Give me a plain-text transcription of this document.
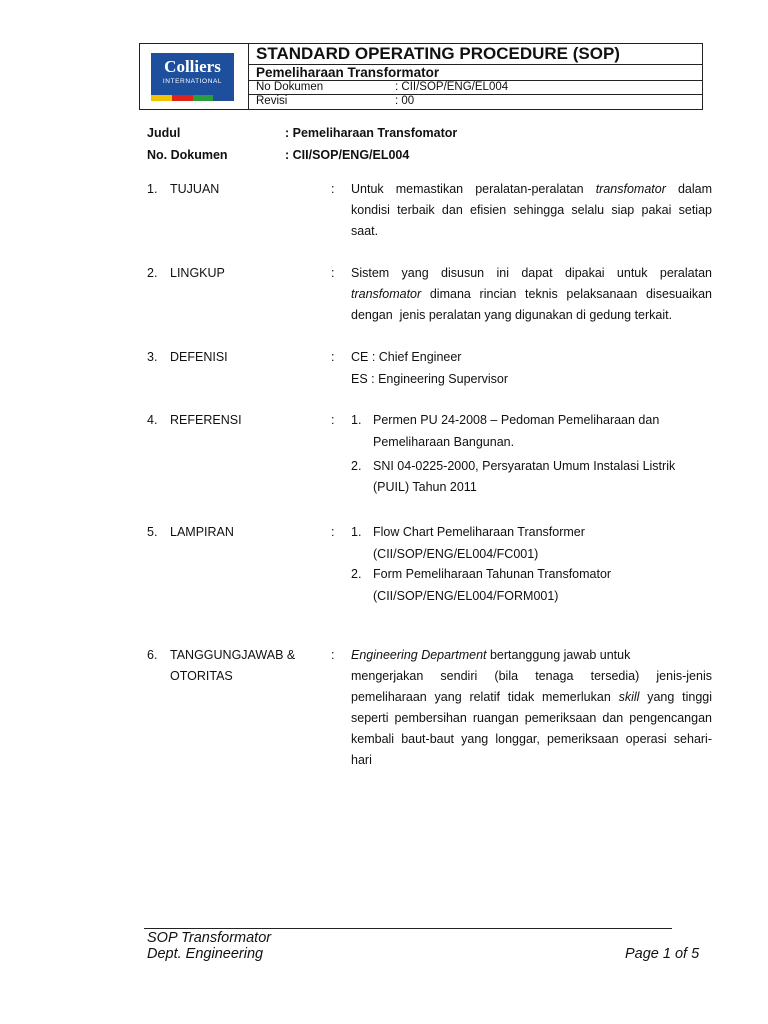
Colliers
INTERNATIONAL
STANDARD OPERATING PROCEDURE (SOP)
Pemeliharaan Transformator
No Dokumen	: CII/SOP/ENG/EL004
Revisi	: 00
Judul	: Pemeliharaan Transfomator
No. Dokumen	: CII/SOP/ENG/EL004
1. TUJUAN	: Untuk memastikan peralatan-peralatan transfomator dalam
kondisi terbaik dan efisien sehingga selalu siap pakai setiap
saat.
2. LINGKUP	: Sistem yang disusun ini dapat dipakai untuk peralatan
transfomator dimana rincian teknis pelaksanaan disesuaikan
dengan  jenis peralatan yang digunakan di gedung terkait.
3. DEFENISI	: CE : Chief Engineer
ES : Engineering Supervisor
4. REFERENSI	: 1. Permen PU 24-2008 – Pedoman Pemeliharaan dan
Pemeliharaan Bangunan.
2. SNI 04-0225-2000, Persyaratan Umum Instalasi Listrik
(PUIL) Tahun 2011
5. LAMPIRAN	: 1. Flow Chart Pemeliharaan Transformer
(CII/SOP/ENG/EL004/FC001)
2. Form Pemeliharaan Tahunan Transfomator
(CII/SOP/ENG/EL004/FORM001)
6. TANGGUNGJAWAB &
OTORITAS
: Engineering Department bertanggung jawab untuk
mengerjakan sendiri (bila tenaga tersedia) jenis-jenis
pemeliharaan yang relatif tidak memerlukan skill yang tinggi
seperti pembersihan ruangan pemeriksaan dan pengencangan
kembali baut-baut yang longgar, pemeriksaan operasi sehari-
hari
SOP Transformator
Dept. Engineering	Page 1 of 5
